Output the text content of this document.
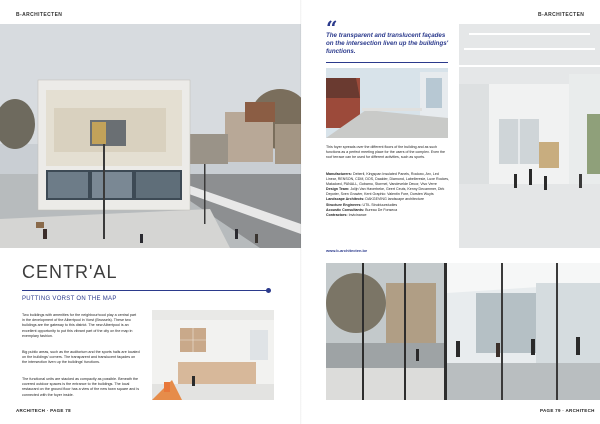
B-ARCHITECTEN
CENTR'AL
PUTTING VORST ON THE MAP
Two buildings with amenities for the neighbourhood play a central part in the development of the Albertpool in Vorst (Brussels). These two buildings are the gateway to this district. The new Albertpool is an excellent opportunity to put this vibrant part of the city on the map in exemplary fashion.
Big public areas, such as the auditorium and the sports halls are located on the buildings' corners. The transparent and translucent façades on the intersection liven up the buildings' functions.
The functional units are stacked as compactly as possible. Beneath the covered outdoor spaces is the entrance to the buildings. The local restaurant on the ground floor has a view of the new town square and is connected with the foyer inside.
ARCHITECH · PAGE 78
B-ARCHITECTEN
“
The transparent and translucent façades on the intersection liven up the buildings' functions.
This foyer spreads over the different floors of the building and as such functions as a perfect meeting place for the users of the complex. Even the roof terrace can be used for different activities, such as sports.
Manufacturers: Deberli, Kingspan Insulated Panels, Rockwo, Arx, Led Linear, RENSON, CDM, DOS, Daalder, Diamond, Labelleresie, Luxe Rockes, Makaloed, PANALL, Gobamo, Stormel, Vandevelde Decor, Vivo Verre
Design Team: Jolijn Van Haverbeke, Geert Ceuts, Kenny Decammer, Dirk Depoter, Sven Gruwier, Kent Graphic: Valentin Fore, Dorsten Wuyts
Landscape Architects: DAKGEVING landscape architecture
Structure Engineers: UTIL Struktuurstudies
Acoustic Consultants: Bureau De Fonseca
Contractors: Invicinance
www.b-architecten.be
PAGE 79 · ARCHITECH
